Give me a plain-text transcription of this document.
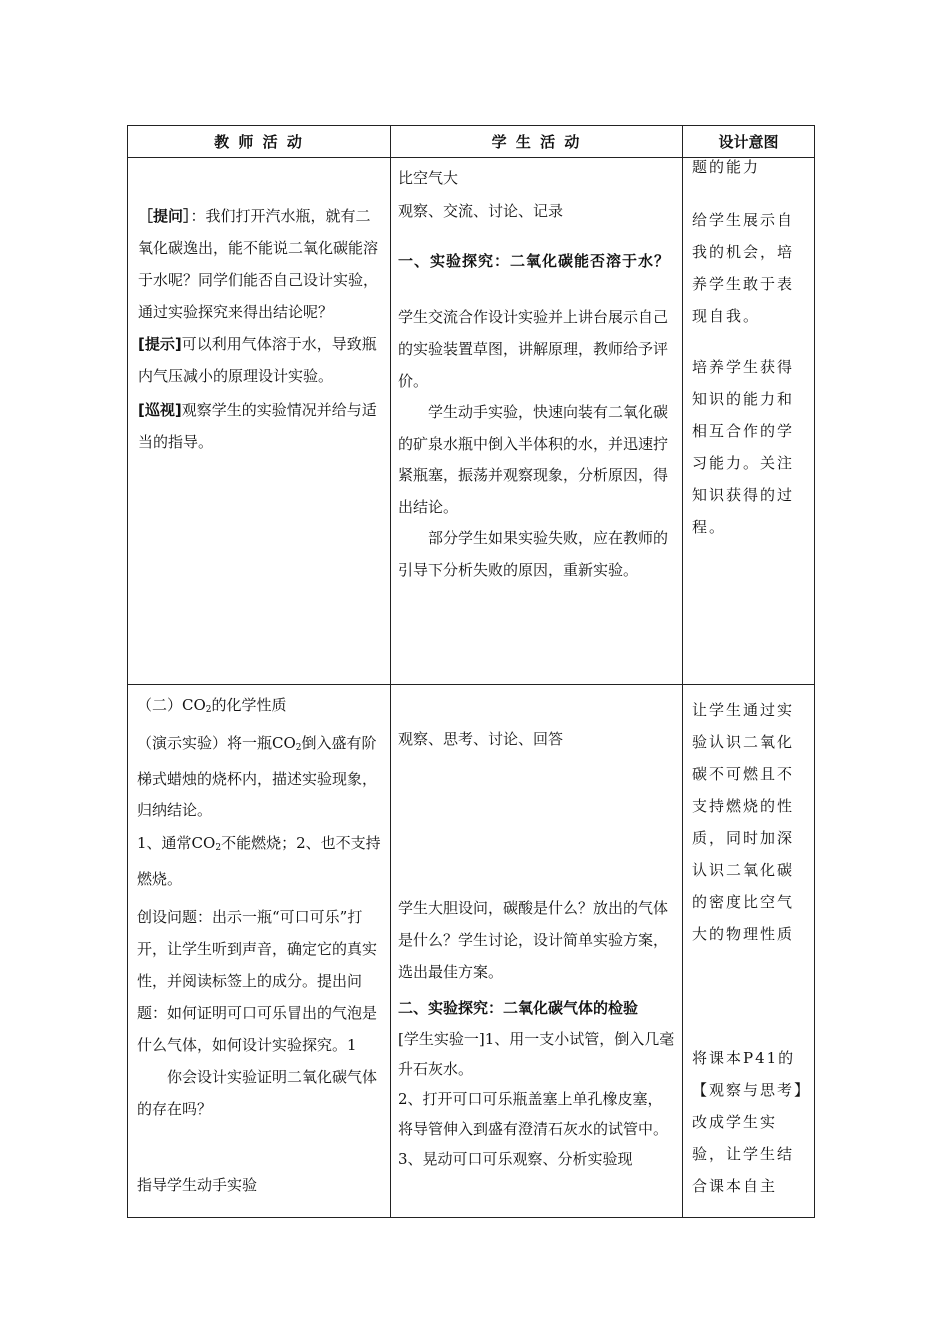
教 师 活 动	学 生 活 动	设计意图

［提问］：我们打开汽水瓶，就有二氧化碳逸出，能不能说二氧化碳能溶于水呢？同学们能否自己设计实验，通过实验探究来得出结论呢？

[提示]可以利用气体溶于水，导致瓶内气压减小的原理设计实验。

[巡视]观察学生的实验情况并给与适当的指导。

比空气大

观察、交流、讨论、记录

一、实验探究：二氧化碳能否溶于水？

学生交流合作设计实验并上讲台展示自己的实验装置草图，讲解原理，教师给予评价。

学生动手实验，快速向装有二氧化碳的矿泉水瓶中倒入半体积的水，并迅速拧紧瓶塞，振荡并观察现象，分析原因，得出结论。

部分学生如果实验失败，应在教师的引导下分析失败的原因，重新实验。

题的能力

给学生展示自我的机会，培养学生敢于表现自我。

培养学生获得知识的能力和相互合作的学习能力。关注知识获得的过程。

（二）$CO_2$的化学性质

（演示实验）将一瓶$CO_2$倒入盛有阶梯式蜡烛的烧杯内，描述实验现象，归纳结论。

1、通常$CO_2$不能燃烧；2、也不支持燃烧。

创设问题：出示一瓶“可口可乐”打开，让学生听到声音，确定它的真实性，并阅读标签上的成分。提出问题：如何证明可口可乐冒出的气泡是什么气体，如何设计实验探究。1

你会设计实验证明二氧化碳气体的存在吗？

指导学生动手实验

观察、思考、讨论、回答

学生大胆设问，碳酸是什么？放出的气体是什么？学生讨论，设计简单实验方案，选出最佳方案。

二、实验探究：二氧化碳气体的检验

[学生实验一]1、用一支小试管，倒入几毫升石灰水。

2、打开可口可乐瓶盖塞上单孔橡皮塞，将导管伸入到盛有澄清石灰水的试管中。

3、晃动可口可乐观察、分析实验现

让学生通过实验认识二氧化碳不可燃且不支持燃烧的性质，同时加深认识二氧化碳的密度比空气大的物理性质

将课本P41的【观察与思考】改成学生实验，让学生结合课本自主
